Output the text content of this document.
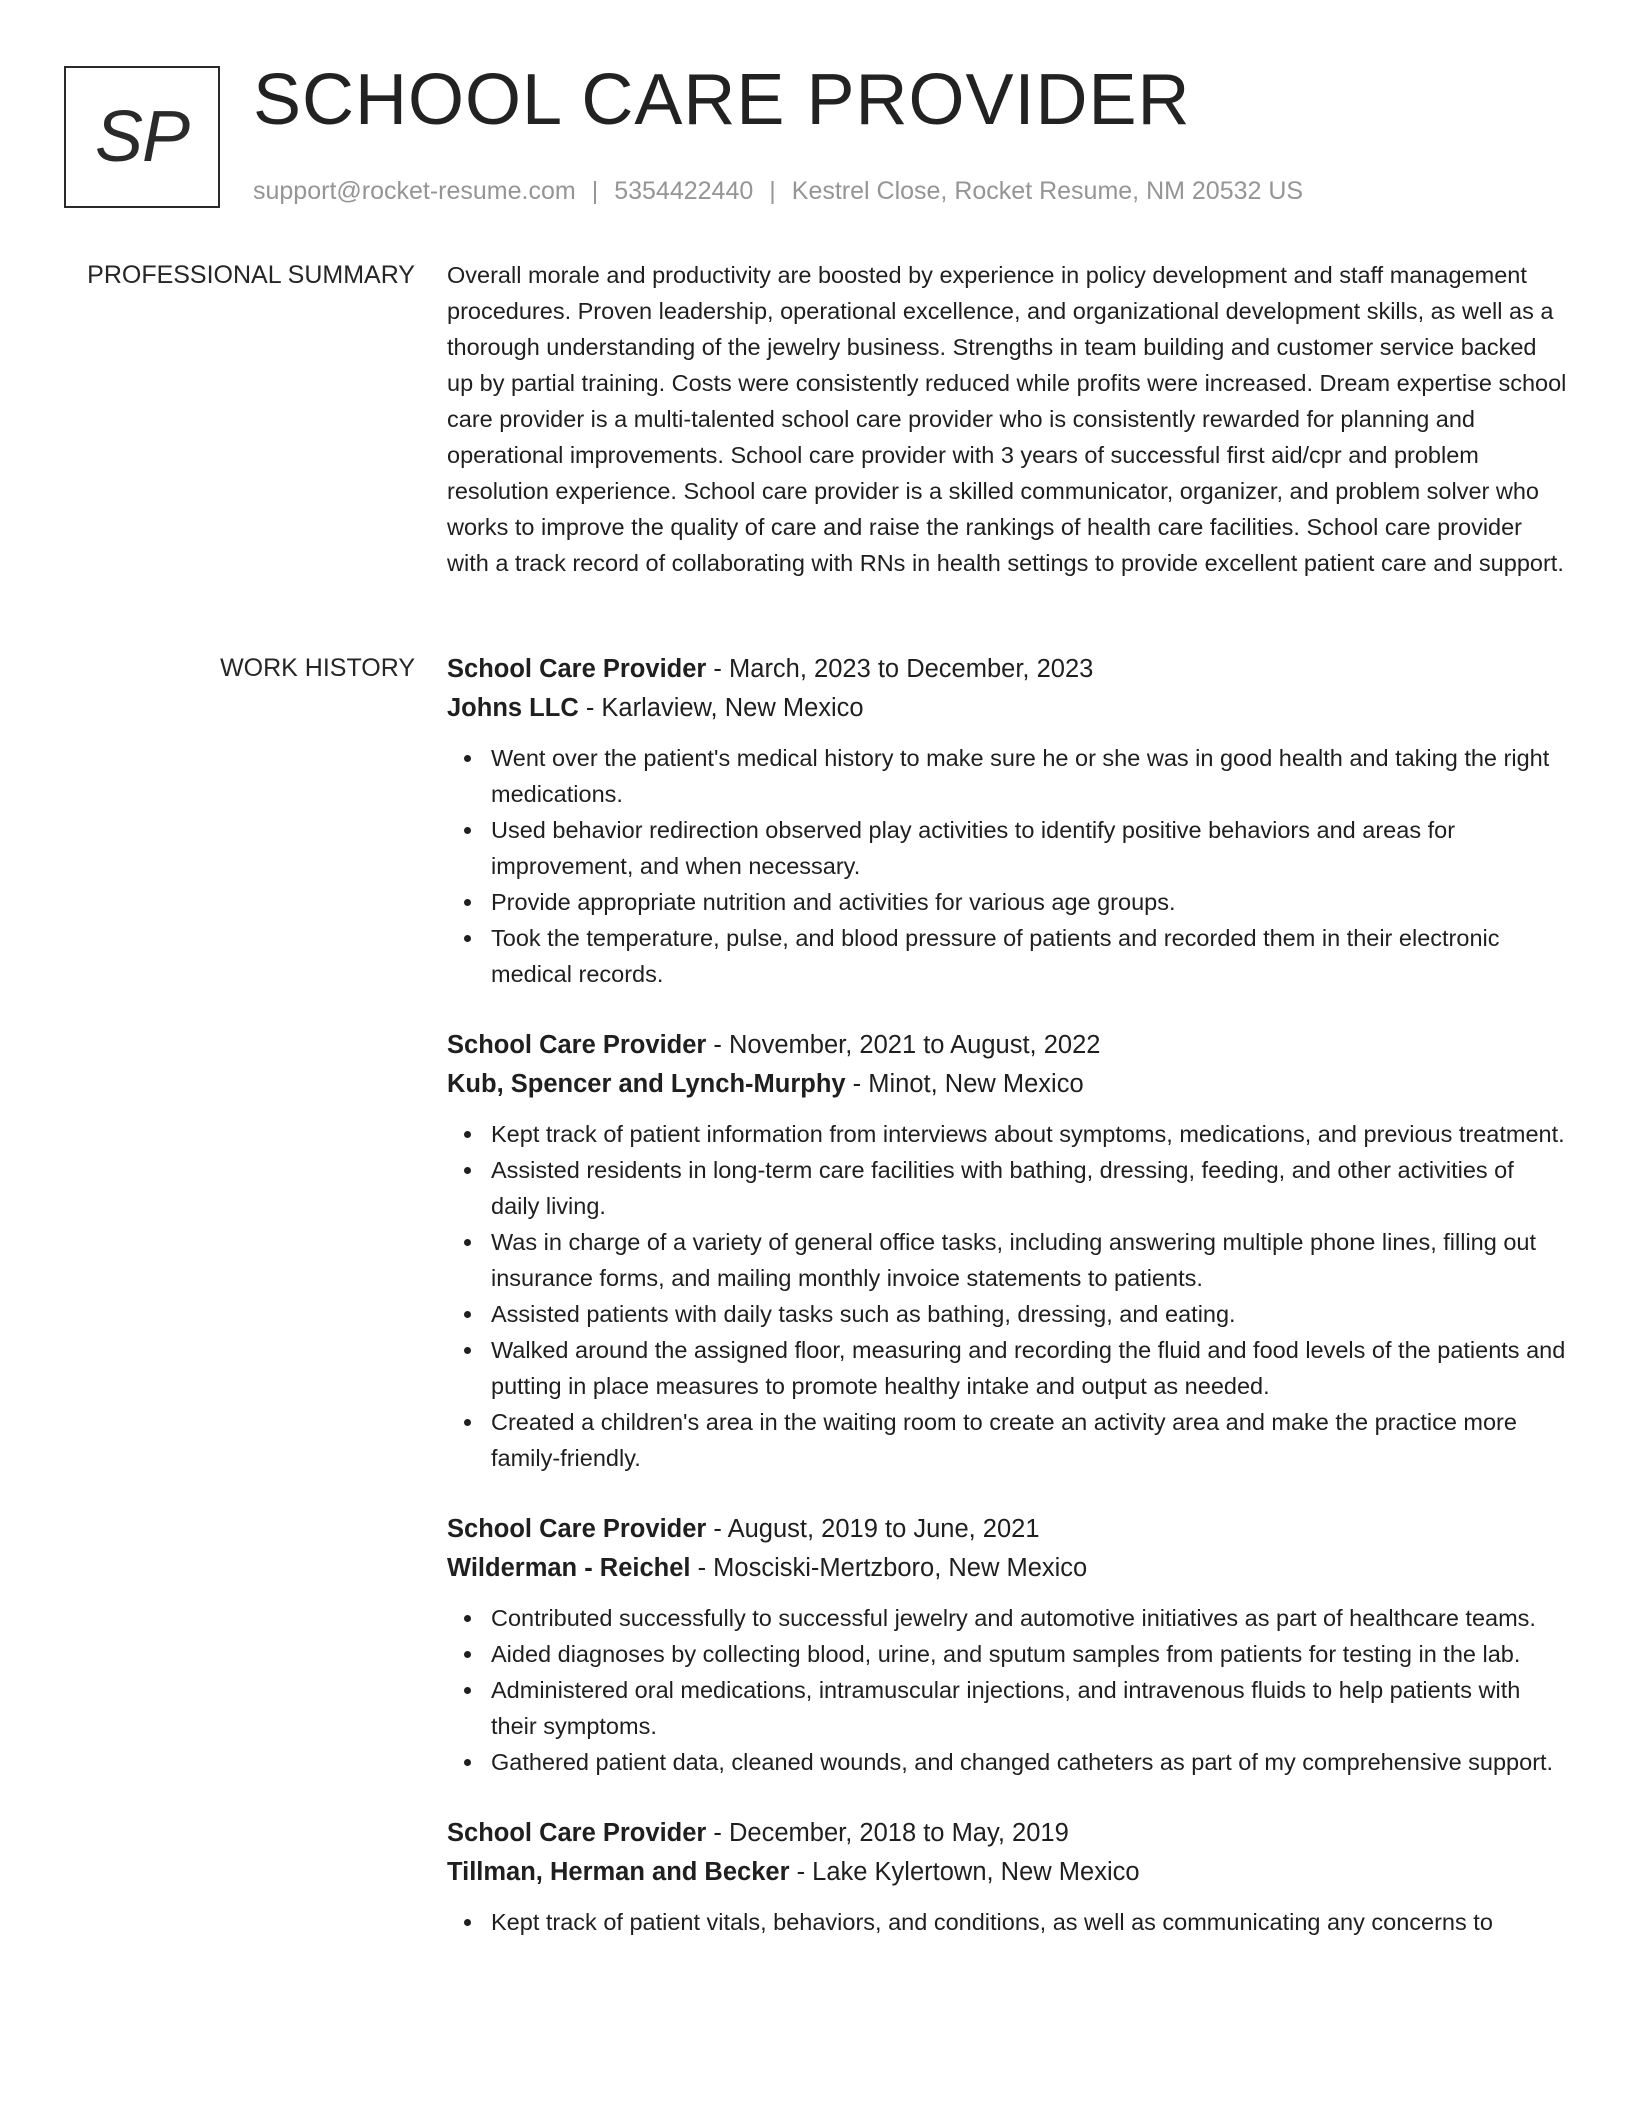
SP SCHOOL CARE PROVIDER
support@rocket-resume.com | 5354422440 | Kestrel Close, Rocket Resume, NM 20532 US
PROFESSIONAL SUMMARY Overall morale and productivity are boosted by experience in policy development and staff management procedures. Proven leadership, operational excellence, and organizational development skills, as well as a thorough understanding of the jewelry business. Strengths in team building and customer service backed up by partial training. Costs were consistently reduced while profits were increased. Dream expertise school care provider is a multi-talented school care provider who is consistently rewarded for planning and operational improvements. School care provider with 3 years of successful first aid/cpr and problem resolution experience. School care provider is a skilled communicator, organizer, and problem solver who works to improve the quality of care and raise the rankings of health care facilities. School care provider with a track record of collaborating with RNs in health settings to provide excellent patient care and support.

WORK HISTORY School Care Provider - March, 2023 to December, 2023
Johns LLC - Karlaview, New Mexico
Went over the patient's medical history to make sure he or she was in good health and taking the right medications.
Used behavior redirection observed play activities to identify positive behaviors and areas for improvement, and when necessary.
Provide appropriate nutrition and activities for various age groups.
Took the temperature, pulse, and blood pressure of patients and recorded them in their electronic medical records.
School Care Provider - November, 2021 to August, 2022
Kub, Spencer and Lynch-Murphy - Minot, New Mexico
Kept track of patient information from interviews about symptoms, medications, and previous treatment.
Assisted residents in long-term care facilities with bathing, dressing, feeding, and other activities of daily living.
Was in charge of a variety of general office tasks, including answering multiple phone lines, filling out insurance forms, and mailing monthly invoice statements to patients.
Assisted patients with daily tasks such as bathing, dressing, and eating.
Walked around the assigned floor, measuring and recording the fluid and food levels of the patients and putting in place measures to promote healthy intake and output as needed.
Created a children's area in the waiting room to create an activity area and make the practice more family-friendly.
School Care Provider - August, 2019 to June, 2021
Wilderman - Reichel - Mosciski-Mertzboro, New Mexico
Contributed successfully to successful jewelry and automotive initiatives as part of healthcare teams.
Aided diagnoses by collecting blood, urine, and sputum samples from patients for testing in the lab.
Administered oral medications, intramuscular injections, and intravenous fluids to help patients with their symptoms.
Gathered patient data, cleaned wounds, and changed catheters as part of my comprehensive support.
School Care Provider - December, 2018 to May, 2019
Tillman, Herman and Becker - Lake Kylertown, New Mexico
Kept track of patient vitals, behaviors, and conditions, as well as communicating any concerns to
